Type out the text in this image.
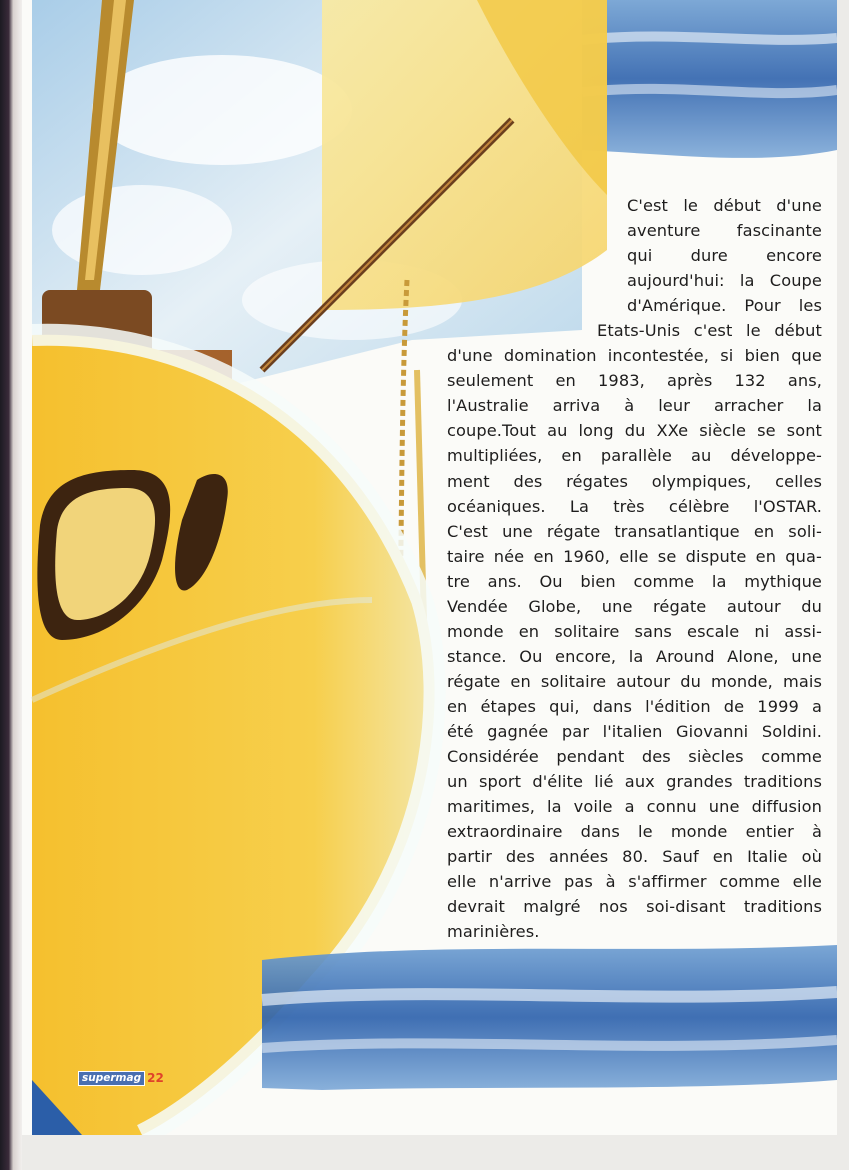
C'est le début d'une

aventure fascinante

qui dure encore

aujourd'hui: la Coupe

d'Amérique. Pour les

Etats-Unis c'est le début

d'une domination incontestée, si bien que

seulement en 1983, après 132 ans,

l'Australie arriva à leur arracher la

coupe.Tout au long du XXe siècle se sont

multipliées, en parallèle au développe-

ment des régates olympiques, celles

océaniques. La très célèbre l'OSTAR.

C'est une régate transatlantique en soli-

taire née en 1960, elle se dispute en qua-

tre ans. Ou bien comme la mythique

Vendée Globe, une régate autour du

monde en solitaire sans escale ni assi-

stance. Ou encore, la Around Alone, une

régate en solitaire autour du monde, mais

en étapes qui, dans l'édition de 1999 a

été gagnée par l'italien Giovanni Soldini.

Considérée pendant des siècles comme

un sport d'élite lié aux grandes traditions

maritimes, la voile a connu une diffusion

extraordinaire dans le monde entier à

partir des années 80. Sauf en Italie où

elle n'arrive pas à s'affirmer comme elle

devrait malgré nos soi-disant traditions

marinières.

supermag 22
